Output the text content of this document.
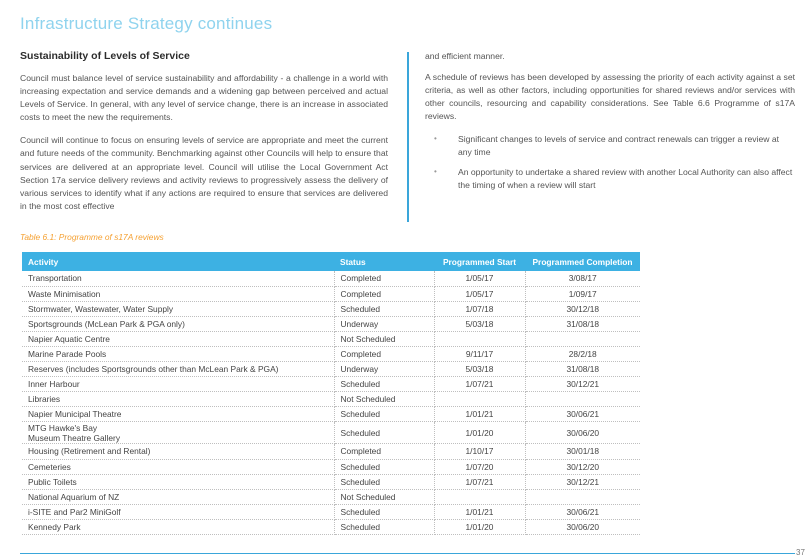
Infrastructure Strategy continues
Sustainability of Levels of Service

Council must balance level of service sustainability and affordability - a challenge in a world with increasing expectation and service demands and a widening gap between perceived and actual Levels of Service. In general, with any level of service change, there is an increase in associated costs to meet the new the requirements.

Council will continue to focus on ensuring levels of service are appropriate and meet the current and future needs of the community. Benchmarking against other Councils will help to ensure that services are delivered at an appropriate level. Council will utilise the Local Government Act Section 17a service delivery reviews and activity reviews to progressively assess the delivery of various services to identify what if any actions are required to ensure that services are delivered in the most cost effective

and efficient manner.

A schedule of reviews has been developed by assessing the priority of each activity against a set criteria, as well as other factors, including opportunities for shared reviews and/or services with other councils, resourcing and capability considerations. See Table 6.6 Programme of s17A reviews.

• Significant changes to levels of service and contract renewals can trigger a review at any time
• An opportunity to undertake a shared review with another Local Authority can also affect the timing of when a review will start
Table 6.1: Programme of s17A reviews
Activity	Status	Programmed Start	Programmed Completion

Transportation	Completed	1/05/17	3/08/17

Waste Minimisation	Completed	1/05/17	1/09/17

Stormwater, Wastewater, Water Supply	Scheduled	1/07/18	30/12/18

Sportsgrounds (McLean Park & PGA only)	Underway	5/03/18	31/08/18

Napier Aquatic Centre	Not Scheduled		

Marine Parade Pools	Completed	9/11/17	28/2/18

Reserves (includes Sportsgrounds other than McLean Park & PGA)	Underway	5/03/18	31/08/18

Inner Harbour	Scheduled	1/07/21	30/12/21

Libraries	Not Scheduled		

Napier Municipal Theatre	Scheduled	1/01/21	30/06/21

MTG Hawke's Bay
Museum Theatre Gallery	Scheduled	1/01/20	30/06/20

Housing (Retirement and Rental)	Completed	1/10/17	30/01/18

Cemeteries	Scheduled	1/07/20	30/12/20

Public Toilets	Scheduled	1/07/21	30/12/21

National Aquarium of NZ	Not Scheduled		

i-SITE and Par2 MiniGolf	Scheduled	1/01/21	30/06/21

Kennedy Park	Scheduled	1/01/20	30/06/20
37
